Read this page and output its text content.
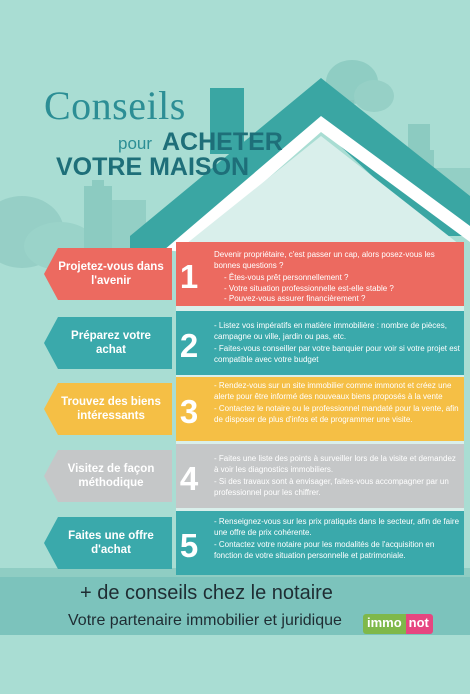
Conseils
pour ACHETER
VOTRE MAISON
1

Devenir propriétaire, c'est passer un cap, alors posez-vous les bonnes questions ?

- Êtes-vous prêt personnellement ?

- Votre situation professionnelle est-elle stable ?

- Pouvez-vous assurer financièrement ?

Projetez-vous dans l'avenir
2

- Listez vos impératifs en matière immobilière : nombre de pièces, campagne ou ville, jardin ou pas, etc.

- Faites-vous conseiller par votre banquier pour voir si votre projet est compatible avec votre budget

Préparez votre achat
3

- Rendez-vous sur un site immobilier comme immonot et créez une alerte pour être informé des nouveaux biens proposés à la vente

- Contactez le notaire ou le professionnel mandaté pour la vente, afin de disposer de plus d'infos et de programmer une visite.

Trouvez des biens intéressants
4

- Faites une liste des points à surveiller lors de la visite et demandez à voir les diagnostics immobiliers.

- Si des travaux sont à envisager, faites-vous accompagner par un professionnel pour les chiffrer.

Visitez de façon méthodique
5

- Renseignez-vous sur les prix pratiqués dans le secteur, afin de faire une offre de prix cohérente.

- Contactez votre notaire pour les modalités de l'acquisition en fonction de votre situation personnelle et patrimoniale.

Faites une offre d'achat
+ de conseils chez le notaire
Votre partenaire immobilier et juridique	immo not
